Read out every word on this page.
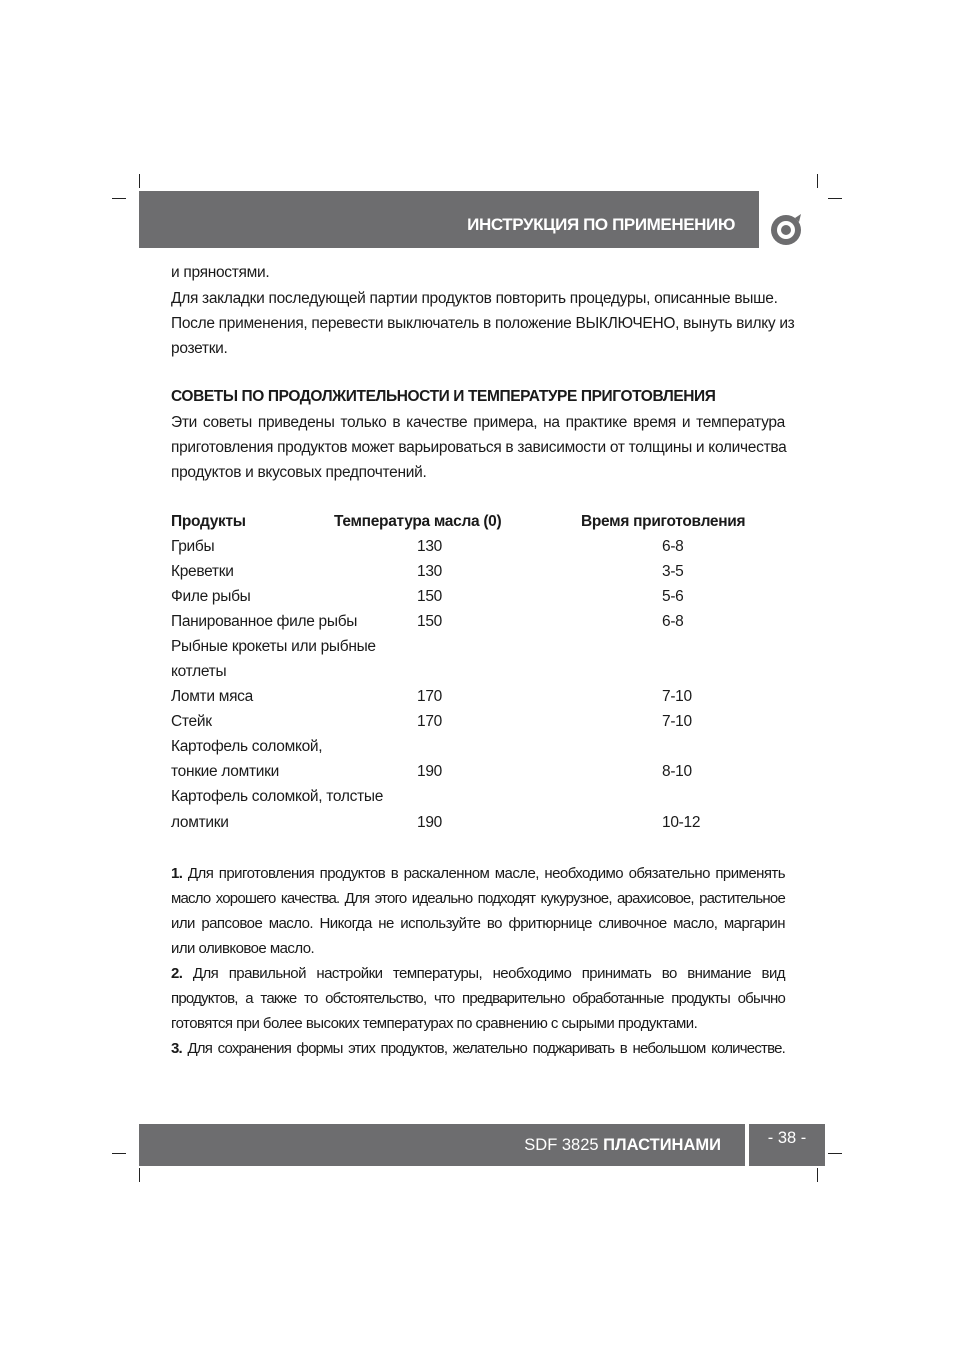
ИНСТРУКЦИЯ ПО ПРИМЕНЕНИЮ
и пряностями.
Для закладки последующей партии продуктов повторить процедуры, описанные выше.
После применения, перевести выключатель в положение ВЫКЛЮЧЕНО, вынуть вилку из
розетки.
СОВЕТЫ ПО ПРОДОЛЖИТЕЛЬНОСТИ И ТЕМПЕРАТУРЕ ПРИГОТОВЛЕНИЯ
Эти советы приведены только в качестве примера, на практике время и температура
приготовления продуктов может варьироваться в зависимости от толщины и количества
продуктов и вкусовых предпочтений.
Продукты	Температура масла (0)	Время приготовления
Грибы	130	6-8
Креветки	130	3-5
Филе рыбы	150	5-6
Панированное филе рыбы	150	6-8
Рыбные крокеты или рыбные
котлеты
Ломти мяса	170	7-10
Стейк	170	7-10
Картофель соломкой,
тонкие ломтики	190	8-10
Картофель соломкой, толстые
ломтики	190	10-12
1. Для приготовления продуктов в раскаленном масле, необходимо обязательно применять
масло хорошего качества. Для этого идеально подходят кукурузное, арахисовое, растительное
или рапсовое масло. Никогда не используйте во фритюрнице сливочное масло, маргарин
или оливковое масло.
2. Для правильной настройки температуры, необходимо принимать во внимание вид
продуктов, а также то обстоятельство, что предварительно обработанные продукты обычно
готовятся при более высоких температурах по сравнению с сырыми продуктами.
3. Для сохранения формы этих продуктов, желательно поджаривать в небольшом количестве.
SDF 3825 ПЛАСТИНАМИ	- 38 -
